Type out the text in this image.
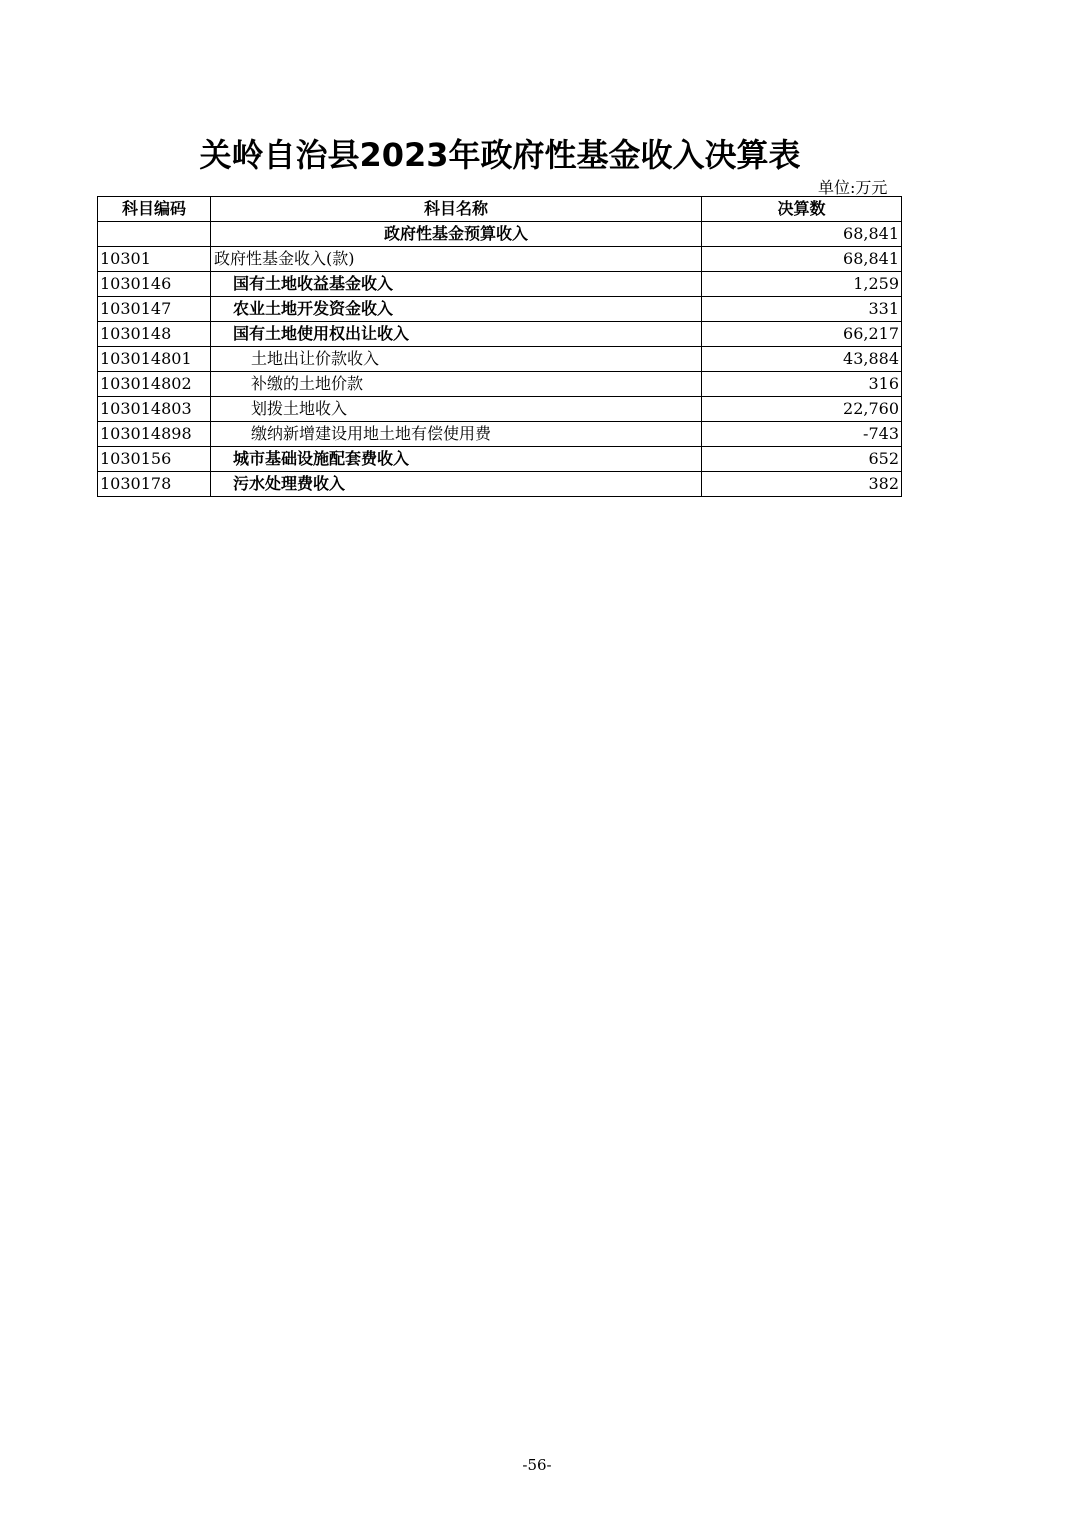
关岭自治县2023年政府性基金收入决算表
单位:万元
科目编码	科目名称	决算数
	政府性基金预算收入	68,841
10301	政府性基金收入(款)	68,841
1030146	国有土地收益基金收入	1,259
1030147	农业土地开发资金收入	331
1030148	国有土地使用权出让收入	66,217
103014801	土地出让价款收入	43,884
103014802	补缴的土地价款	316
103014803	划拨土地收入	22,760
103014898	缴纳新增建设用地土地有偿使用费	-743
1030156	城市基础设施配套费收入	652
1030178	污水处理费收入	382
-56-
